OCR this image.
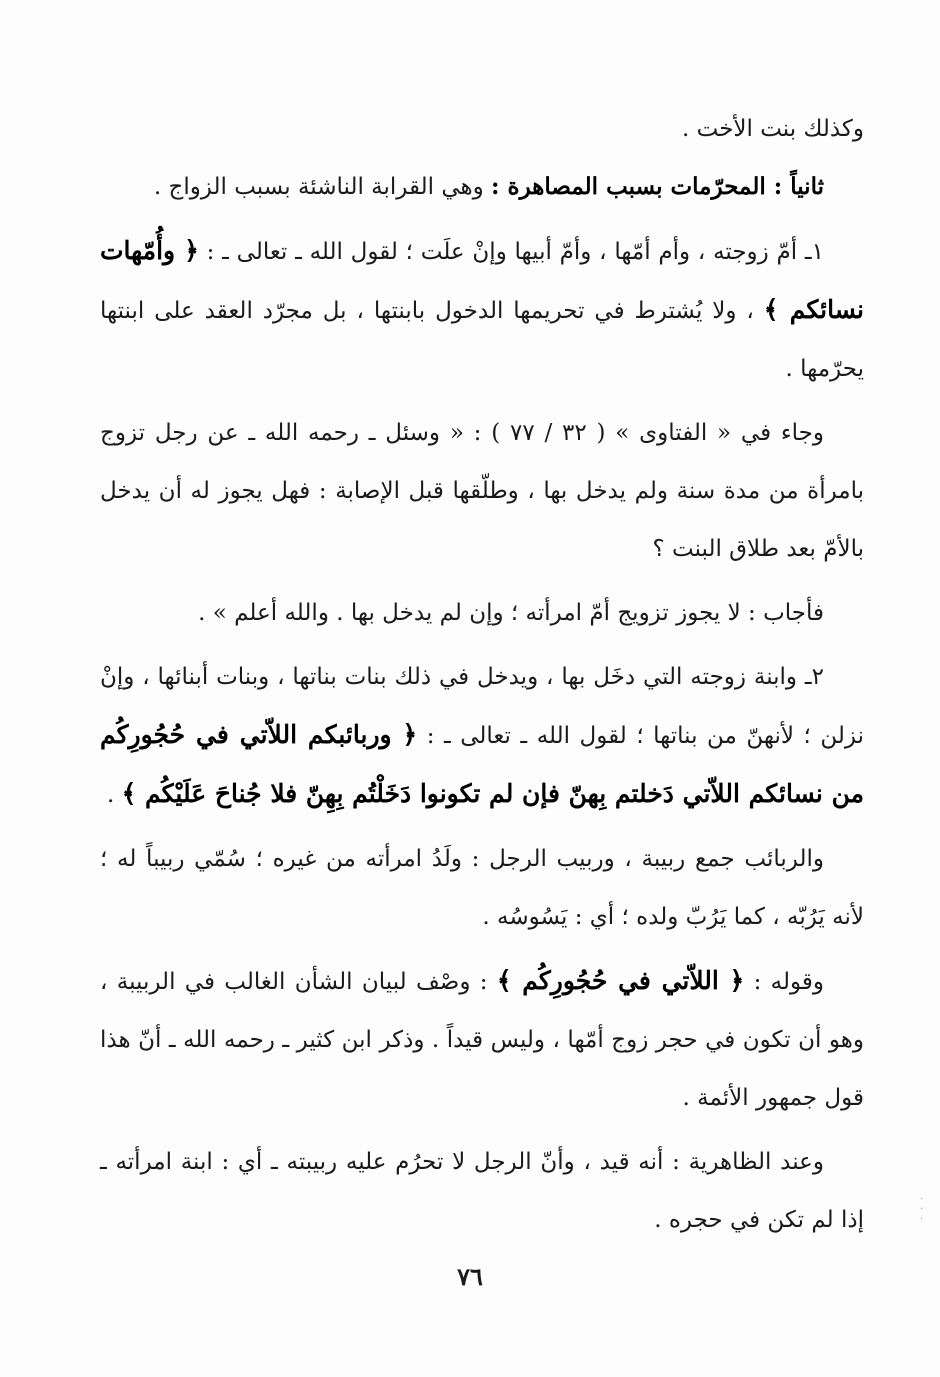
وكذلك بنت الأخت .

ثانياً : المحرّمات بسبب المصاهرة : وهي القرابة الناشئة بسبب الزواج .

١ـ أمّ زوجته ، وأم أمّها ، وأمّ أبيها وإنْ علَت ؛ لقول الله ـ تعالى ـ : ﴿ وأُمّهات نسائكم ﴾ ، ولا يُشترط في تحريمها الدخول بابنتها ، بل مجرّد العقد على ابنتها يحرّمها .

وجاء في « الفتاوى » ( ٣٢ / ٧٧ ) : « وسئل ـ رحمه الله ـ عن رجل تزوج بامرأة من مدة سنة ولم يدخل بها ، وطلّقها قبل الإصابة : فهل يجوز له أن يدخل بالأمّ بعد طلاق البنت ؟

فأجاب : لا يجوز تزويج أمّ امرأته ؛ وإن لم يدخل بها . والله أعلم » .

٢ـ وابنة زوجته التي دخَل بها ، ويدخل في ذلك بنات بناتها ، وبنات أبنائها ، وإنْ نزلن ؛ لأنهنّ من بناتها ؛ لقول الله ـ تعالى ـ : ﴿ وربائبكم اللاّتي في حُجُورِكُم من نسائكم اللاّتي دَخلتم بِهنّ فإن لم تكونوا دَخَلْتُم بِهِنّ فلا جُناحَ عَلَيْكُم ﴾ .

والربائب جمع ربيبة ، وربيب الرجل : ولَدُ امرأته من غيره ؛ سُمّي ربيباً له ؛ لأنه يَرُبّه ، كما يَرُبّ ولده ؛ أي : يَسُوسُه .

وقوله : ﴿ اللاّتي في حُجُورِكُم ﴾ : وصْف لبيان الشأن الغالب في الربيبة ، وهو أن تكون في حجر زوج أمّها ، وليس قيداً . وذكر ابن كثير ـ رحمه الله ـ أنّ هذا قول جمهور الأئمة .

وعند الظاهرية : أنه قيد ، وأنّ الرجل لا تحرُم عليه ربيبته ـ أي : ابنة امرأته ـ إذا لم تكن في حجره .

٧٦
·
·
·
